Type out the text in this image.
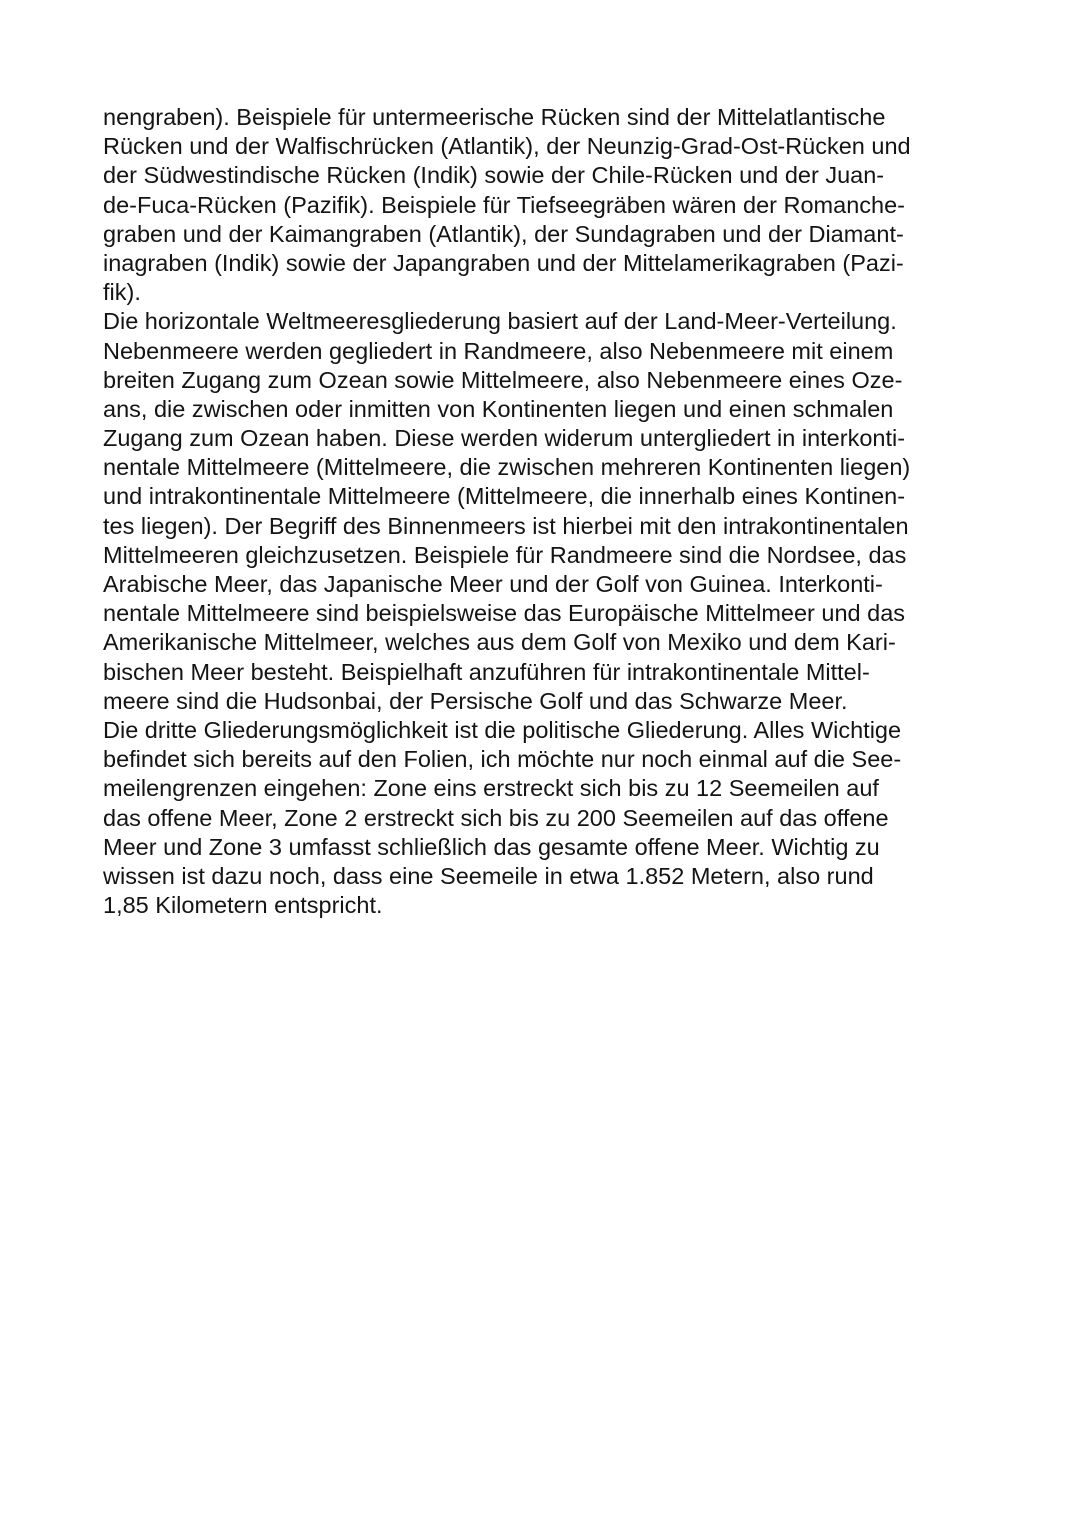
nengraben). Beispiele für untermeerische Rücken sind der Mittelatlantische
Rücken und der Walfischrücken (Atlantik), der Neunzig-Grad-Ost-Rücken und
der Südwestindische Rücken (Indik) sowie der Chile-Rücken und der Juan-
de-Fuca-Rücken (Pazifik). Beispiele für Tiefseegräben wären der Romanche-
graben und der Kaimangraben (Atlantik), der Sundagraben und der Diamant-
inagraben (Indik) sowie der Japangraben und der Mittelamerikagraben (Pazi-
fik).
Die horizontale Weltmeeresgliederung basiert auf der Land-Meer-Verteilung.
Nebenmeere werden gegliedert in Randmeere, also Nebenmeere mit einem
breiten Zugang zum Ozean sowie Mittelmeere, also Nebenmeere eines Oze-
ans, die zwischen oder inmitten von Kontinenten liegen und einen schmalen
Zugang zum Ozean haben. Diese werden widerum untergliedert in interkonti-
nentale Mittelmeere (Mittelmeere, die zwischen mehreren Kontinenten liegen)
und intrakontinentale Mittelmeere (Mittelmeere, die innerhalb eines Kontinen-
tes liegen). Der Begriff des Binnenmeers ist hierbei mit den intrakontinentalen
Mittelmeeren gleichzusetzen. Beispiele für Randmeere sind die Nordsee, das
Arabische Meer, das Japanische Meer und der Golf von Guinea. Interkonti-
nentale Mittelmeere sind beispielsweise das Europäische Mittelmeer und das
Amerikanische Mittelmeer, welches aus dem Golf von Mexiko und dem Kari-
bischen Meer besteht. Beispielhaft anzuführen für intrakontinentale Mittel-
meere sind die Hudsonbai, der Persische Golf und das Schwarze Meer.
Die dritte Gliederungsmöglichkeit ist die politische Gliederung. Alles Wichtige
befindet sich bereits auf den Folien, ich möchte nur noch einmal auf die See-
meilengrenzen eingehen: Zone eins erstreckt sich bis zu 12 Seemeilen auf
das offene Meer, Zone 2 erstreckt sich bis zu 200 Seemeilen auf das offene
Meer und Zone 3 umfasst schließlich das gesamte offene Meer. Wichtig zu
wissen ist dazu noch, dass eine Seemeile in etwa 1.852 Metern, also rund
1,85 Kilometern entspricht.
